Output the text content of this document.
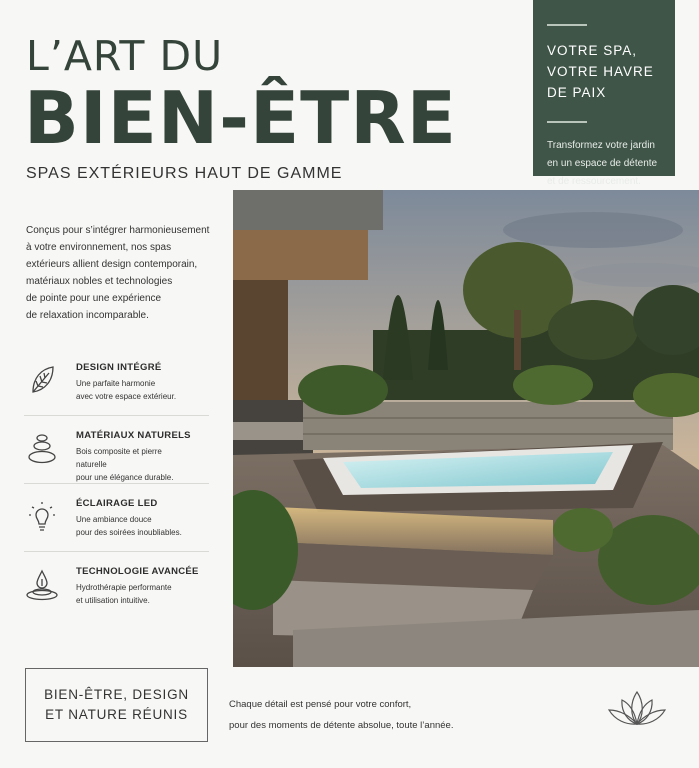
L’ART DU
BIEN-ÊTRE

SPAS EXTÉRIEURS HAUT DE GAMME

VOTRE SPA,
VOTRE HAVRE
DE PAIX

Transformez votre jardin
en un espace de détente
et de ressourcement.

Conçus pour s’intégrer harmonieusement
à votre environnement, nos spas
extérieurs allient design contemporain,
matériaux nobles et technologies
de pointe pour une expérience
de relaxation incomparable.

DESIGN INTÉGRÉ

Une parfaite harmonie
avec votre espace extérieur.

MATÉRIAUX NATURELS

Bois composite et pierre naturelle
pour une élégance durable.

ÉCLAIRAGE LED

Une ambiance douce
pour des soirées inoubliables.

TECHNOLOGIE AVANCÉE

Hydrothérapie performante
et utilisation intuitive.

BIEN-ÊTRE, DESIGN
ET NATURE RÉUNIS

Chaque détail est pensé pour votre confort,
pour des moments de détente absolue, toute l’année.
